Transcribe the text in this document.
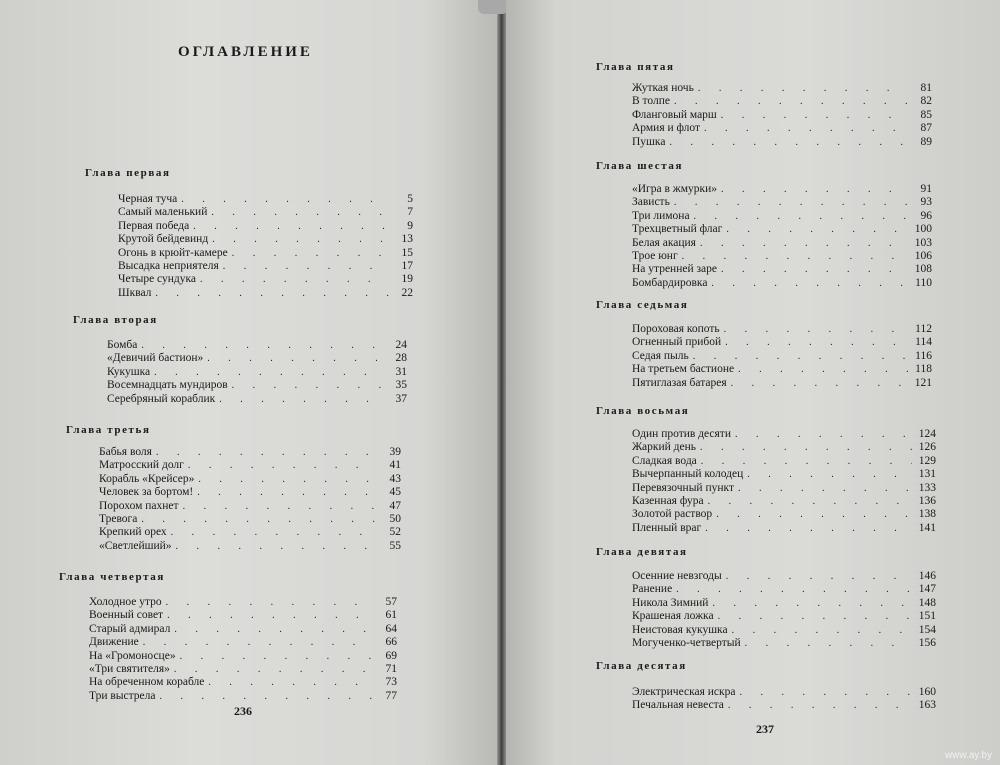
ОГЛАВЛЕНИЕ
Глава первая
Черная туча . . .	5
Самый маленький . . .	7
Первая победа . . .	9
Крутой бейдевинд . . .	13
Огонь в крюйт-камере . . .	15
Высадка неприятеля . . .	17
Четыре сундука . . .	19
Шквал . . .	22
Глава вторая
Бомба . . .	24
«Девичий бастион» . . .	28
Кукушка . . .	31
Восемнадцать мундиров . . .	35
Серебряный кораблик . . .	37
Глава третья
Бабья воля . . .	39
Матросский долг . . .	41
Корабль «Крейсер» . . .	43
Человек за бортом! . . .	45
Порохом пахнет . . .	47
Тревога . . .	50
Крепкий орех . . .	52
«Светлейший» . . .	55
Глава четвертая
Холодное утро . . .	57
Военный совет . . .	61
Старый адмирал . . .	64
Движение . . .	66
На «Громоносце» . . .	69
«Три святителя» . . .	71
На обреченном корабле . . .	73
Три выстрела . . .	77
236
Глава пятая
Жуткая ночь . . .	81
В толпе . . .	82
Фланговый марш . . .	85
Армия и флот . . .	87
Пушка . . .	89
Глава шестая
«Игра в жмурки» . . .	91
Зависть . . .	93
Три лимона . . .	96
Трехцветный флаг . . .	100
Белая акация . . .	103
Трое юнг . . .	106
На утренней заре . . .	108
Бомбардировка . . .	110
Глава седьмая
Пороховая копоть . . .	112
Огненный прибой . . .	114
Седая пыль . . .	116
На третьем бастионе . . .	118
Пятиглазая батарея . . .	121
Глава восьмая
Один против десяти . . .	124
Жаркий день . . .	126
Сладкая вода . . .	129
Вычерпанный колодец . . .	131
Перевязочный пункт . . .	133
Казенная фура . . .	136
Золотой раствор . . .	138
Пленный враг . . .	141
Глава девятая
Осенние невзгоды . . .	146
Ранение . . .	147
Никола Зимний . . .	148
Крашеная ложка . . .	151
Неистовая кукушка . . .	154
Могученко-четвертый . . .	156
Глава десятая
Электрическая искра . . .	160
Печальная невеста . . .	163
237
www.ay.by
